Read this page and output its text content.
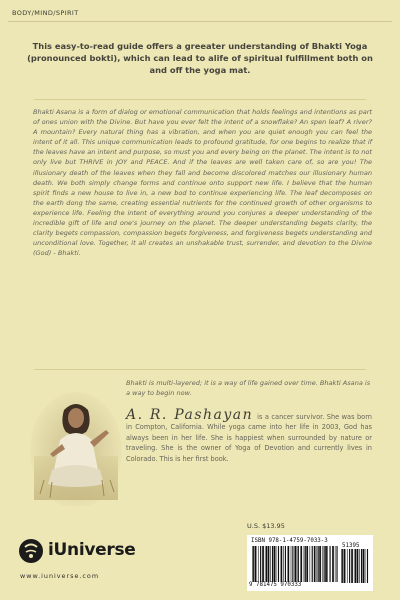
BODY/MIND/SPIRIT
This easy-to-read guide offers a greeater understanding of Bhakti Yoga (pronounced bokti), which can lead to alife of spiritual fulfillment both on and off the yoga mat.

Bhakti Asana is a form of dialog or emotional communication that holds feelings and intentions as part of ones union with the Divine. But have you ever felt the intent of a snowflake? An spen leaf? A river? A mountain? Every natural thing has a vibration, and when you are quiet enough you can feel the intent of it all. This unique communication leads to profound gratitude, for one begins to realize that if the leaves have an intent and purpose, so must you and every being on the planet. The intent is to not only live but THRIVE in JOY and PEACE. And if the leaves are well taken care of, so are you! The illusionary death of the leaves when they fall and become discolored matches our illusionary human death. We both simply change forms and continue onto support new life. I believe that the human spirit finds a new house to live in, a new bod to continue experiencing life. The leaf decomposes on the earth dong the same, creating essential nutrients for the continued growth of other organisms to experience life. Feeling the intent of everything around you conjures a deeper understanding of the incredible gift of life and one's journey on the planet. The deeper understanding begets clarity, the clarity begets compassion, compassion begets forgiveness, and forgiveness begets understanding and unconditional love. Together, it all creates an unshakable trust, surrender, and devotion to the Divine (God) - Bhakti.

Bhakti is multi-layered; it is a way of life gained over time. Bhakti Asana is a way to begin now.

A. R. Pashayan is a cancer survivor. She was born in Compton, California. While yoga came into her life in 2003, God has always been in her life. She is happiest when surrounded by nature or traveling. She is the owner of Yoga of Devotion and currently lives in Colorado. This is her first book.

U.S. $13.95
ISBN 978-1-4759-7033-3
51395
9 781475 970333
iUniverse
www.iuniverse.com
